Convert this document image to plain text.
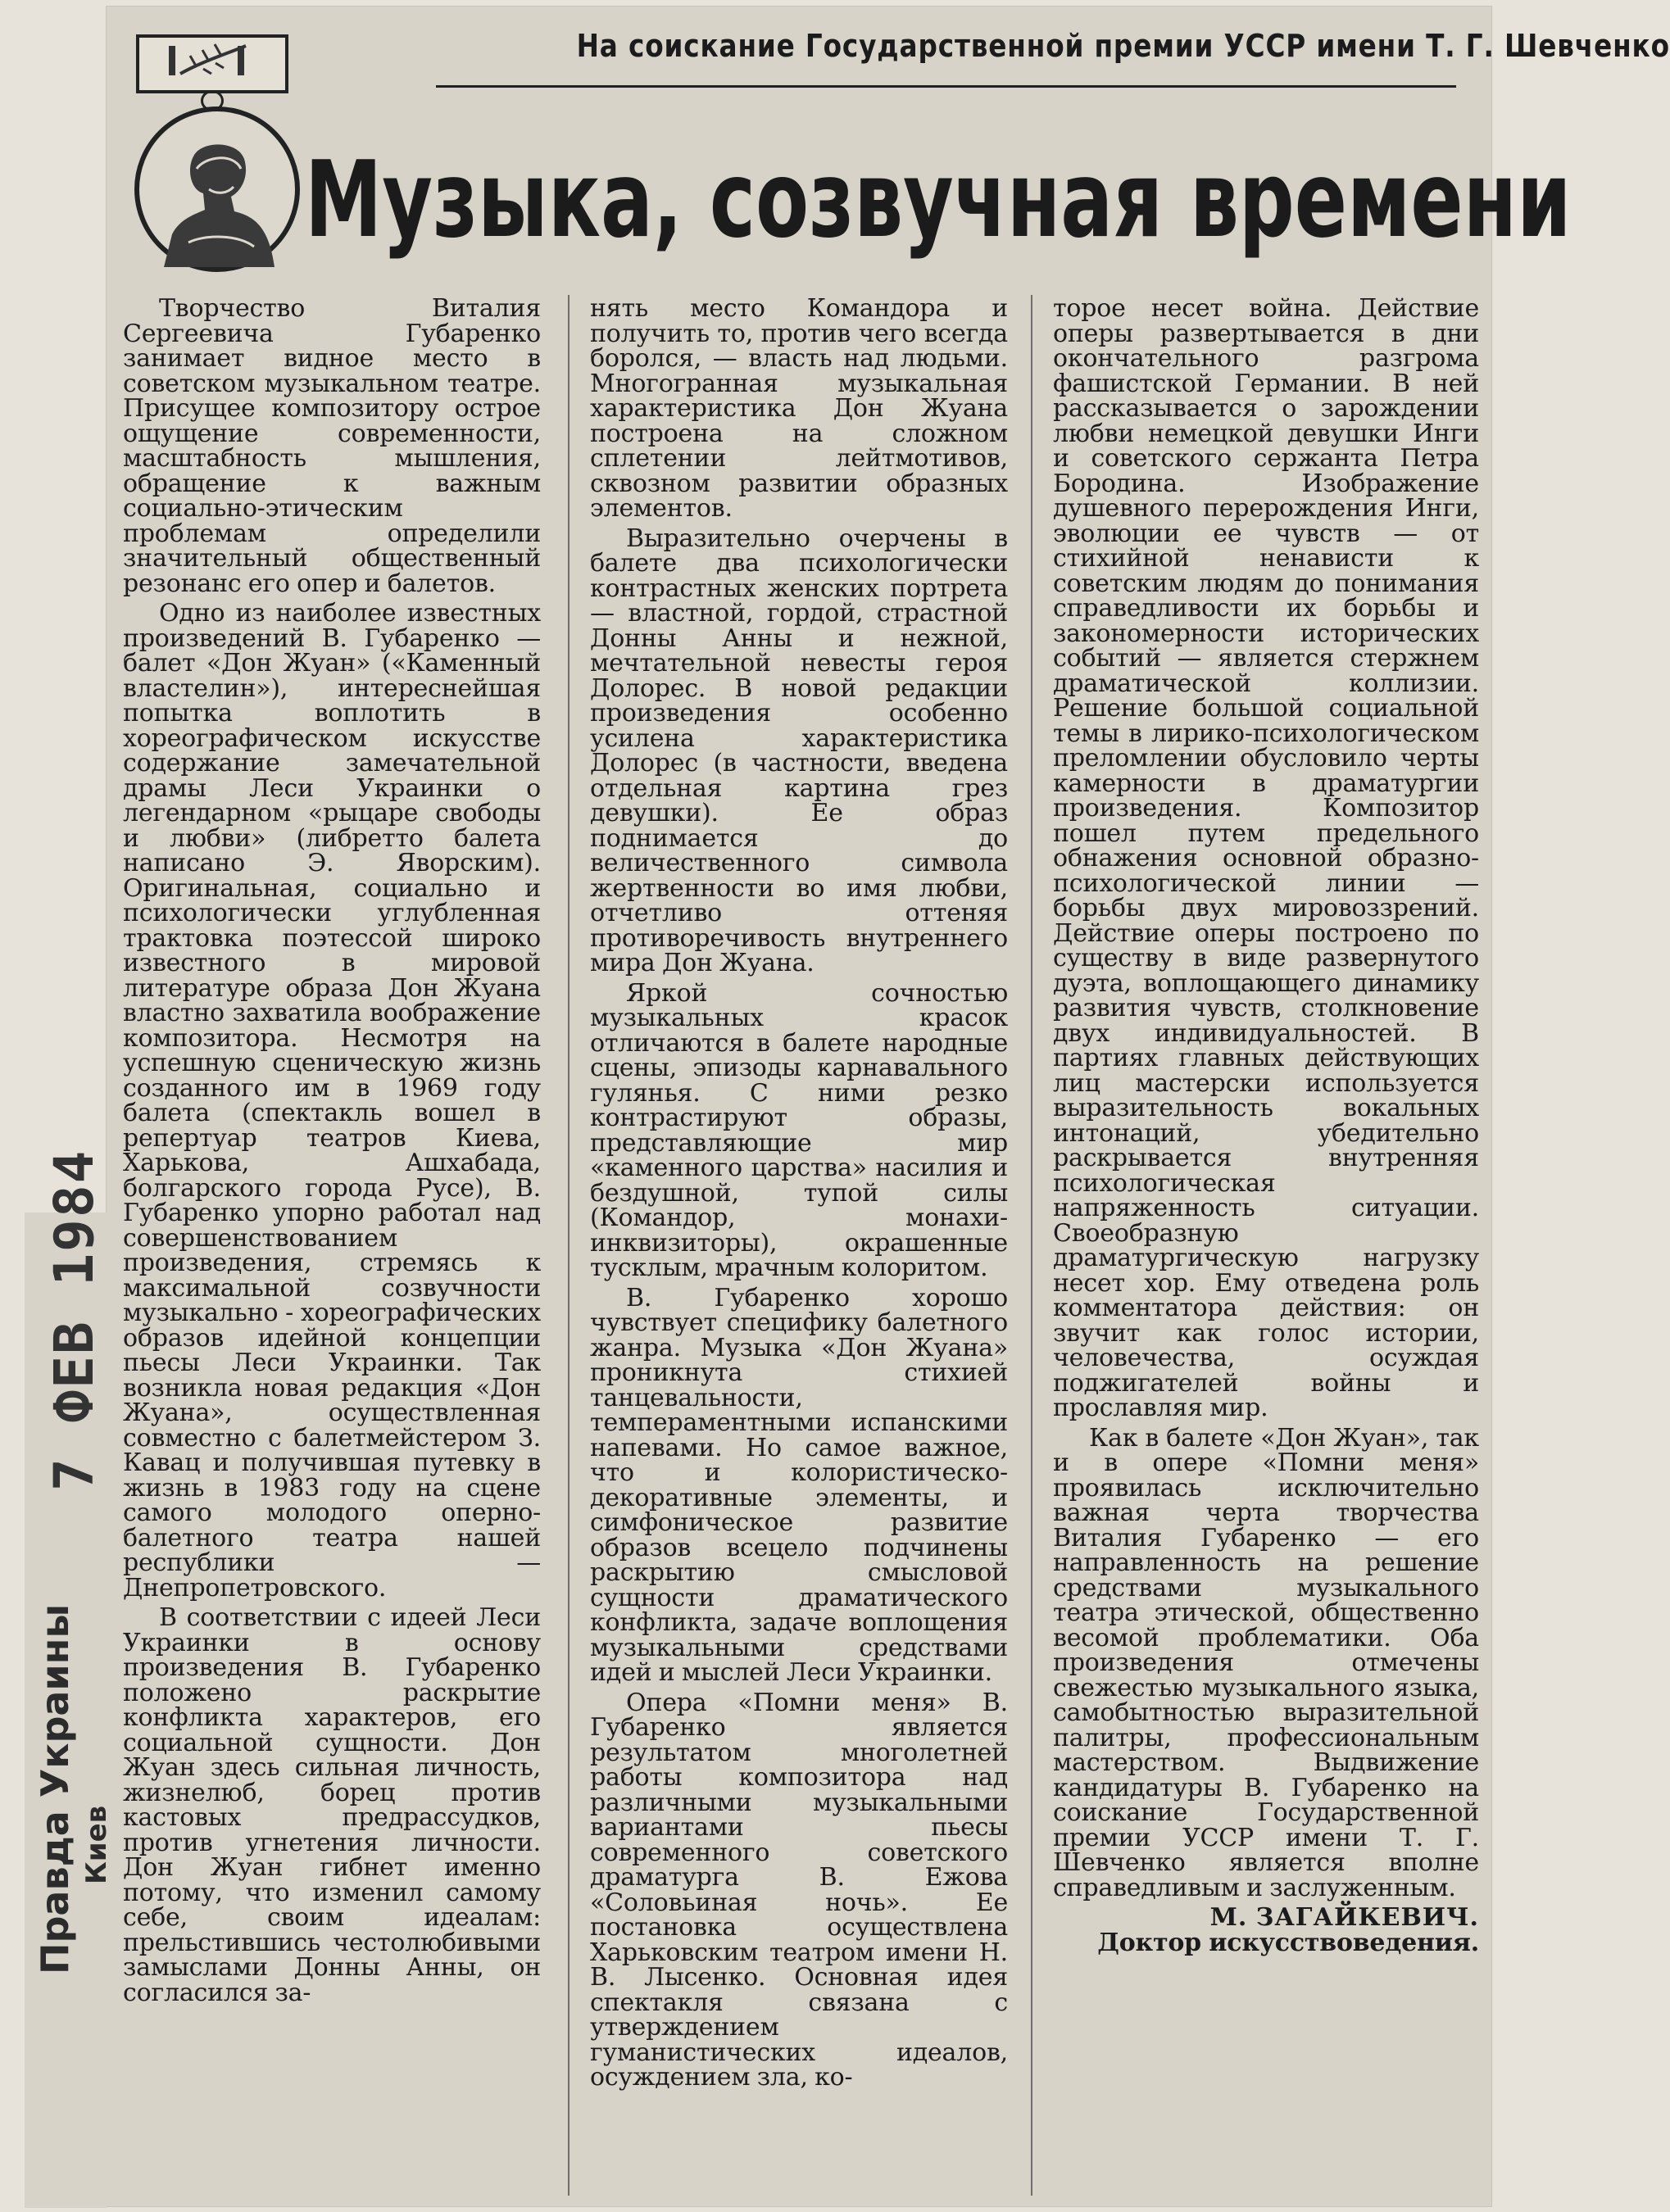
На соискание Государственной премии УССР имени Т. Г. Шевченко
Музыка, созвучная времени

Творчество Виталия Сергеевича Губаренко занимает видное место в советском музыкальном театре. Присущее композитору острое ощущение современности, масштабность мышления, обращение к важным социально-этическим проблемам определили значительный общественный резонанс его опер и балетов.

Одно из наиболее известных произведений В. Губаренко — балет «Дон Жуан» («Каменный властелин»), интереснейшая попытка воплотить в хореографическом искусстве содержание замечательной драмы Леси Украинки о легендарном «рыцаре свободы и любви» (либретто балета написано Э. Яворским). Оригинальная, социально и психологически углубленная трактовка поэтессой широко известного в мировой литературе образа Дон Жуана властно захватила воображение композитора. Несмотря на успешную сценическую жизнь созданного им в 1969 году балета (спектакль вошел в репертуар театров Киева, Харькова, Ашхабада, болгарского города Русе), В. Губаренко упорно работал над совершенствованием произведения, стремясь к максимальной созвучности музыкально - хореографических образов идейной концепции пьесы Леси Украинки. Так возникла новая редакция «Дон Жуана», осуществленная совместно с балетмейстером З. Кавац и получившая путевку в жизнь в 1983 году на сцене самого молодого оперно-балетного театра нашей республики — Днепропетровского.

В соответствии с идеей Леси Украинки в основу произведения В. Губаренко положено раскрытие конфликта характеров, его социальной сущности. Дон Жуан здесь сильная личность, жизнелюб, борец против кастовых предрассудков, против угнетения личности. Дон Жуан гибнет именно потому, что изменил самому себе, своим идеалам: прельстившись честолюбивыми замыслами Донны Анны, он согласился за-

нять место Командора и получить то, против чего всегда боролся, — власть над людьми. Многогранная музыкальная характеристика Дон Жуана построена на сложном сплетении лейтмотивов, сквозном развитии образных элементов.

Выразительно очерчены в балете два психологически контрастных женских портрета — властной, гордой, страстной Донны Анны и нежной, мечтательной невесты героя Долорес. В новой редакции произведения особенно усилена характеристика Долорес (в частности, введена отдельная картина грез девушки). Ее образ поднимается до величественного символа жертвенности во имя любви, отчетливо оттеняя противоречивость внутреннего мира Дон Жуана.

Яркой сочностью музыкальных красок отличаются в балете народные сцены, эпизоды карнавального гулянья. С ними резко контрастируют образы, представляющие мир «каменного царства» насилия и бездушной, тупой силы (Командор, монахи-инквизиторы), окрашенные тусклым, мрачным колоритом.

В. Губаренко хорошо чувствует специфику балетного жанра. Музыка «Дон Жуана» проникнута стихией танцевальности, темпераментными испанскими напевами. Но самое важное, что и колористическо-декоративные элементы, и симфоническое развитие образов всецело подчинены раскрытию смысловой сущности драматического конфликта, задаче воплощения музыкальными средствами идей и мыслей Леси Украинки.

Опера «Помни меня» В. Губаренко является результатом многолетней работы композитора над различными музыкальными вариантами пьесы современного советского драматурга В. Ежова «Соловьиная ночь». Ее постановка осуществлена Харьковским театром имени Н. В. Лысенко. Основная идея спектакля связана с утверждением гуманистических идеалов, осуждением зла, ко-

торое несет война. Действие оперы развертывается в дни окончательного разгрома фашистской Германии. В ней рассказывается о зарождении любви немецкой девушки Инги и советского сержанта Петра Бородина. Изображение душевного перерождения Инги, эволюции ее чувств — от стихийной ненависти к советским людям до понимания справедливости их борьбы и закономерности исторических событий — является стержнем драматической коллизии. Решение большой социальной темы в лирико-психологическом преломлении обусловило черты камерности в драматургии произведения. Композитор пошел путем предельного обнажения основной образно-психологической линии — борьбы двух мировоззрений. Действие оперы построено по существу в виде развернутого дуэта, воплощающего динамику развития чувств, столкновение двух индивидуальностей. В партиях главных действующих лиц мастерски используется выразительность вокальных интонаций, убедительно раскрывается внутренняя психологическая напряженность ситуации. Своеобразную драматургическую нагрузку несет хор. Ему отведена роль комментатора действия: он звучит как голос истории, человечества, осуждая поджигателей войны и прославляя мир.

Как в балете «Дон Жуан», так и в опере «Помни меня» проявилась исключительно важная черта творчества Виталия Губаренко — его направленность на решение средствами музыкального театра этической, общественно весомой проблематики. Оба произведения отмечены свежестью музыкального языка, самобытностью выразительной палитры, профессиональным мастерством. Выдвижение кандидатуры В. Губаренко на соискание Государственной премии УССР имени Т. Г. Шевченко является вполне справедливым и заслуженным.

М. ЗАГАЙКЕВИЧ.
Доктор искусствоведения.
7 ФЕВ 1984
Правда Украины Киев
